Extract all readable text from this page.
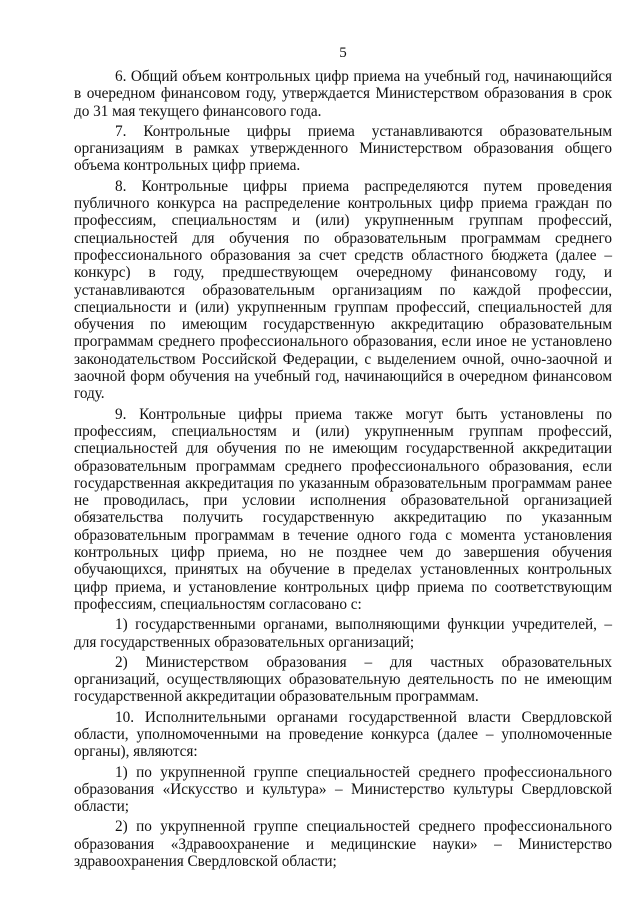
5

6. Общий объем контрольных цифр приема на учебный год, начинающийся в очередном финансовом году, утверждается Министерством образования в срок до 31 мая текущего финансового года.

7. Контрольные цифры приема устанавливаются образовательным организациям в рамках утвержденного Министерством образования общего объема контрольных цифр приема.

8. Контрольные цифры приема распределяются путем проведения публичного конкурса на распределение контрольных цифр приема граждан по профессиям, специальностям и (или) укрупненным группам профессий, специальностей для обучения по образовательным программам среднего профессионального образования за счет средств областного бюджета (далее – конкурс) в году, предшествующем очередному финансовому году, и устанавливаются образовательным организациям по каждой профессии, специальности и (или) укрупненным группам профессий, специальностей для обучения по имеющим государственную аккредитацию образовательным программам среднего профессионального образования, если иное не установлено законодательством Российской Федерации, с выделением очной, очно-заочной и заочной форм обучения на учебный год, начинающийся в очередном финансовом году.

9. Контрольные цифры приема также могут быть установлены по профессиям, специальностям и (или) укрупненным группам профессий, специальностей для обучения по не имеющим государственной аккредитации образовательным программам среднего профессионального образования, если государственная аккредитация по указанным образовательным программам ранее не проводилась, при условии исполнения образовательной организацией обязательства получить государственную аккредитацию по указанным образовательным программам в течение одного года с момента установления контрольных цифр приема, но не позднее чем до завершения обучения обучающихся, принятых на обучение в пределах установленных контрольных цифр приема, и установление контрольных цифр приема по соответствующим профессиям, специальностям согласовано с:

1) государственными органами, выполняющими функции учредителей, – для государственных образовательных организаций;

2) Министерством образования – для частных образовательных организаций, осуществляющих образовательную деятельность по не имеющим государственной аккредитации образовательным программам.

10. Исполнительными органами государственной власти Свердловской области, уполномоченными на проведение конкурса (далее – уполномоченные органы), являются:

1) по укрупненной группе специальностей среднего профессионального образования «Искусство и культура» – Министерство культуры Свердловской области;

2) по укрупненной группе специальностей среднего профессионального образования «Здравоохранение и медицинские науки» – Министерство здравоохранения Свердловской области;
